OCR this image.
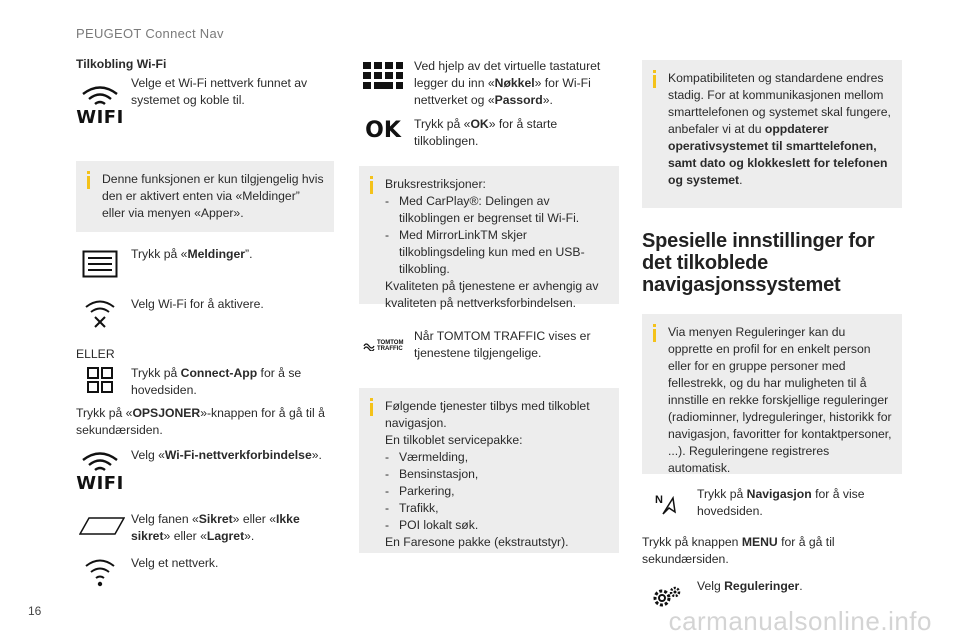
PEUGEOT Connect Nav
16	carmanualsonline.info
Tilkobling Wi-Fi
WIFI
Velge et Wi-Fi nettverk funnet av systemet og koble til.
Denne funksjonen er kun tilgjengelig hvis den er aktivert enten via «Meldinger” eller via menyen «Apper».
Trykk på «Meldinger”.
Velg Wi-Fi for å aktivere.
ELLER
Trykk på Connect-App for å se hovedsiden.
Trykk på «OPSJONER»-knappen for å gå til å sekundærsiden.
WIFI
Velg «Wi-Fi-nettverkforbindelse».
Velg fanen «Sikret» eller «Ikke sikret» eller «Lagret».
Velg et nettverk.
Ved hjelp av det virtuelle tastaturet legger du inn «Nøkkel» for Wi-Fi nettverket og «Passord».
OK Trykk på «OK» for å starte tilkoblingen.
Bruksrestriksjoner:
- Med CarPlay®: Delingen av tilkoblingen er begrenset til Wi-Fi.
- Med MirrorLinkTM skjer tilkoblingsdeling kun med en USB-tilkobling.
Kvaliteten på tjenestene er avhengig av kvaliteten på nettverksforbindelsen.
TOMTOM TRAFFIC
Når TOMTOM TRAFFIC vises er tjenestene tilgjengelige.
Følgende tjenester tilbys med tilkoblet navigasjon.
En tilkoblet servicepakke:
- Værmelding,
- Bensinstasjon,
- Parkering,
- Trafikk,
- POI lokalt søk.
En Faresone pakke (ekstrautstyr).
Kompatibiliteten og standardene endres stadig. For at kommunikasjonen mellom smarttelefonen og systemet skal fungere, anbefaler vi at du oppdaterer operativsystemet til smarttelefonen, samt dato og klokkeslett for telefonen og systemet.
Spesielle innstillinger for det tilkoblede navigasjonssystemet
Via menyen Reguleringer kan du opprette en profil for en enkelt person eller for en gruppe personer med fellestrekk, og du har muligheten til å innstille en rekke forskjellige reguleringer (radiominner, lydreguleringer, historikk for navigasjon, favoritter for kontaktpersoner, ...). Reguleringene registreres automatisk.
N	Trykk på Navigasjon for å vise hovedsiden.
Trykk på knappen MENU for å gå til sekundærsiden.
Velg Reguleringer.
